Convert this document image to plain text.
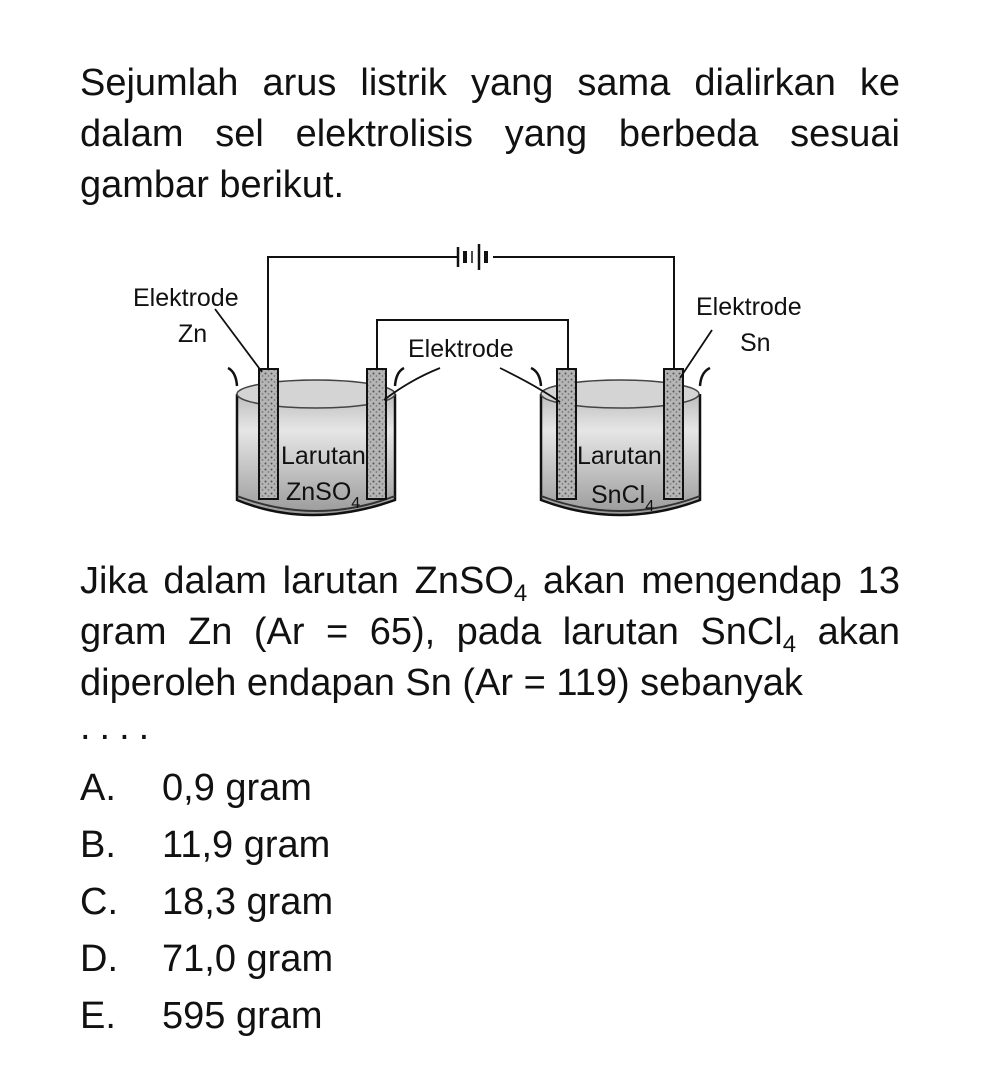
Sejumlah arus listrik yang sama dialirkan ke dalam sel elektrolisis yang berbeda sesuai gambar berikut.

Elektrode
Zn
Elektrode
Elektrode
Sn
Larutan
ZnSO$_4$
Larutan
SnCl$_4$

Jika dalam larutan ZnSO$_4$ akan mengendap 13 gram Zn (Ar = 65), pada larutan SnCl$_4$ akan diperoleh endapan Sn (Ar = 119) sebanyak

....
A.	0,9 gram
B.	11,9 gram
C.	18,3 gram
D.	71,0 gram
E.	595 gram
